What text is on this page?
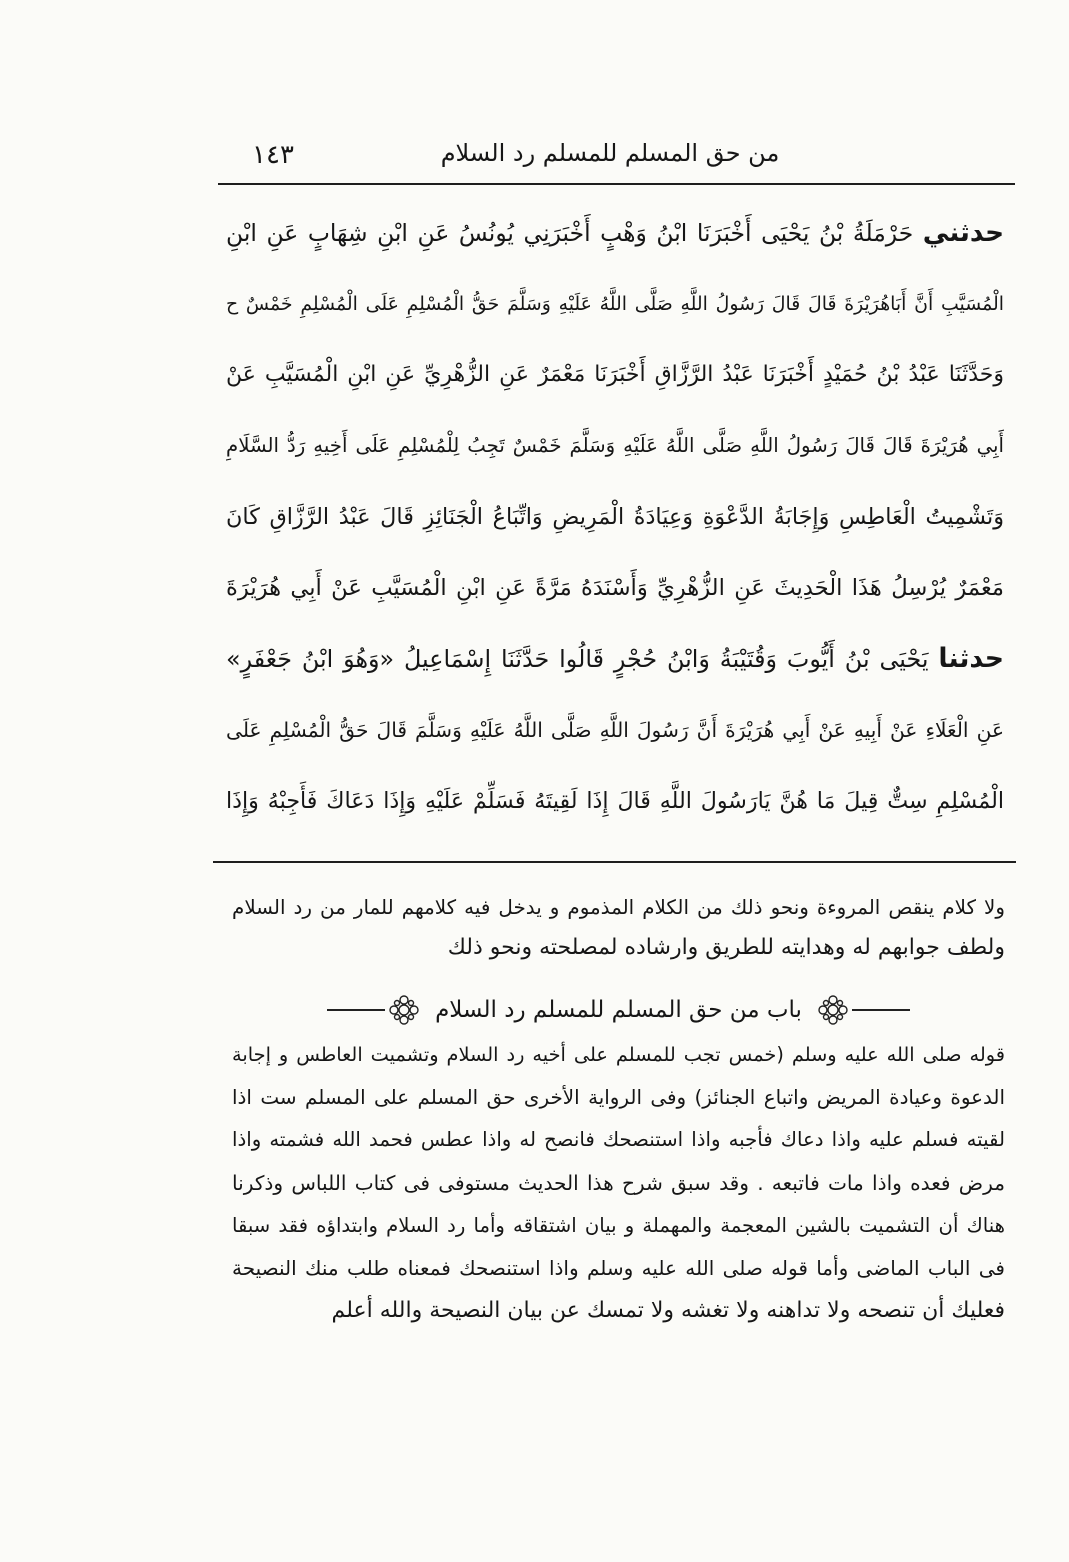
من حق المسلم للمسلم رد السلام
١٤٣
حدثني حَرْمَلَةُ بْنُ يَحْيَى أَخْبَرَنَا ابْنُ وَهْبٍ أَخْبَرَنِي يُونُسُ عَنِ ابْنِ شِهَابٍ عَنِ ابْنِ
الْمُسَيَّبِ أَنَّ أَبَاهُرَيْرَةَ قَالَ قَالَ رَسُولُ اللَّهِ صَلَّى اللَّهُ عَلَيْهِ وَسَلَّمَ حَقُّ الْمُسْلِمِ عَلَى الْمُسْلِمِ خَمْسٌ ح
وَحَدَّثَنَا عَبْدُ بْنُ حُمَيْدٍ أَخْبَرَنَا عَبْدُ الرَّزَّاقِ أَخْبَرَنَا مَعْمَرٌ عَنِ الزُّهْرِيِّ عَنِ ابْنِ الْمُسَيَّبِ عَنْ
أَبِي هُرَيْرَةَ قَالَ قَالَ رَسُولُ اللَّهِ صَلَّى اللَّهُ عَلَيْهِ وَسَلَّمَ خَمْسٌ تَجِبُ لِلْمُسْلِمِ عَلَى أَخِيهِ رَدُّ السَّلَامِ
وَتَشْمِيتُ الْعَاطِسِ وَإِجَابَةُ الدَّعْوَةِ وَعِيَادَةُ الْمَرِيضِ وَاتِّبَاعُ الْجَنَائِزِ قَالَ عَبْدُ الرَّزَّاقِ كَانَ
مَعْمَرٌ يُرْسِلُ هَذَا الْحَدِيثَ عَنِ الزُّهْرِيِّ وَأَسْنَدَهُ مَرَّةً عَنِ ابْنِ الْمُسَيَّبِ عَنْ أَبِي هُرَيْرَةَ
حدثنا يَحْيَى بْنُ أَيُّوبَ وَقُتَيْبَةُ وَابْنُ حُجْرٍ قَالُوا حَدَّثَنَا إِسْمَاعِيلُ «وَهُوَ ابْنُ جَعْفَرٍ»
عَنِ الْعَلَاءِ عَنْ أَبِيهِ عَنْ أَبِي هُرَيْرَةَ أَنَّ رَسُولَ اللَّهِ صَلَّى اللَّهُ عَلَيْهِ وَسَلَّمَ قَالَ حَقُّ الْمُسْلِمِ عَلَى
الْمُسْلِمِ سِتٌّ قِيلَ مَا هُنَّ يَارَسُولَ اللَّهِ قَالَ إِذَا لَقِيتَهُ فَسَلِّمْ عَلَيْهِ وَإِذَا دَعَاكَ فَأَجِبْهُ وَإِذَا
ولا كلام ينقص المروءة ونحو ذلك من الكلام المذموم و يدخل فيه كلامهم للمار من رد السلام
ولطف جوابهم له وهدايته للطريق وارشاده لمصلحته ونحو ذلك
باب من حق المسلم للمسلم رد السلام
قوله صلى الله عليه وسلم (خمس تجب للمسلم على أخيه رد السلام وتشميت العاطس و إجابة
الدعوة وعيادة المريض واتباع الجنائز) وفى الرواية الأخرى حق المسلم على المسلم ست اذا
لقيته فسلم عليه واذا دعاك فأجبه واذا استنصحك فانصح له واذا عطس فحمد الله فشمته واذا
مرض فعده واذا مات فاتبعه . وقد سبق شرح هذا الحديث مستوفى فى كتاب اللباس وذكرنا
هناك أن التشميت بالشين المعجمة والمهملة و بيان اشتقاقه وأما رد السلام وابتداؤه فقد سبقا
فى الباب الماضى وأما قوله صلى الله عليه وسلم واذا استنصحك فمعناه طلب منك النصيحة
فعليك أن تنصحه ولا تداهنه ولا تغشه ولا تمسك عن بيان النصيحة والله أعلم
